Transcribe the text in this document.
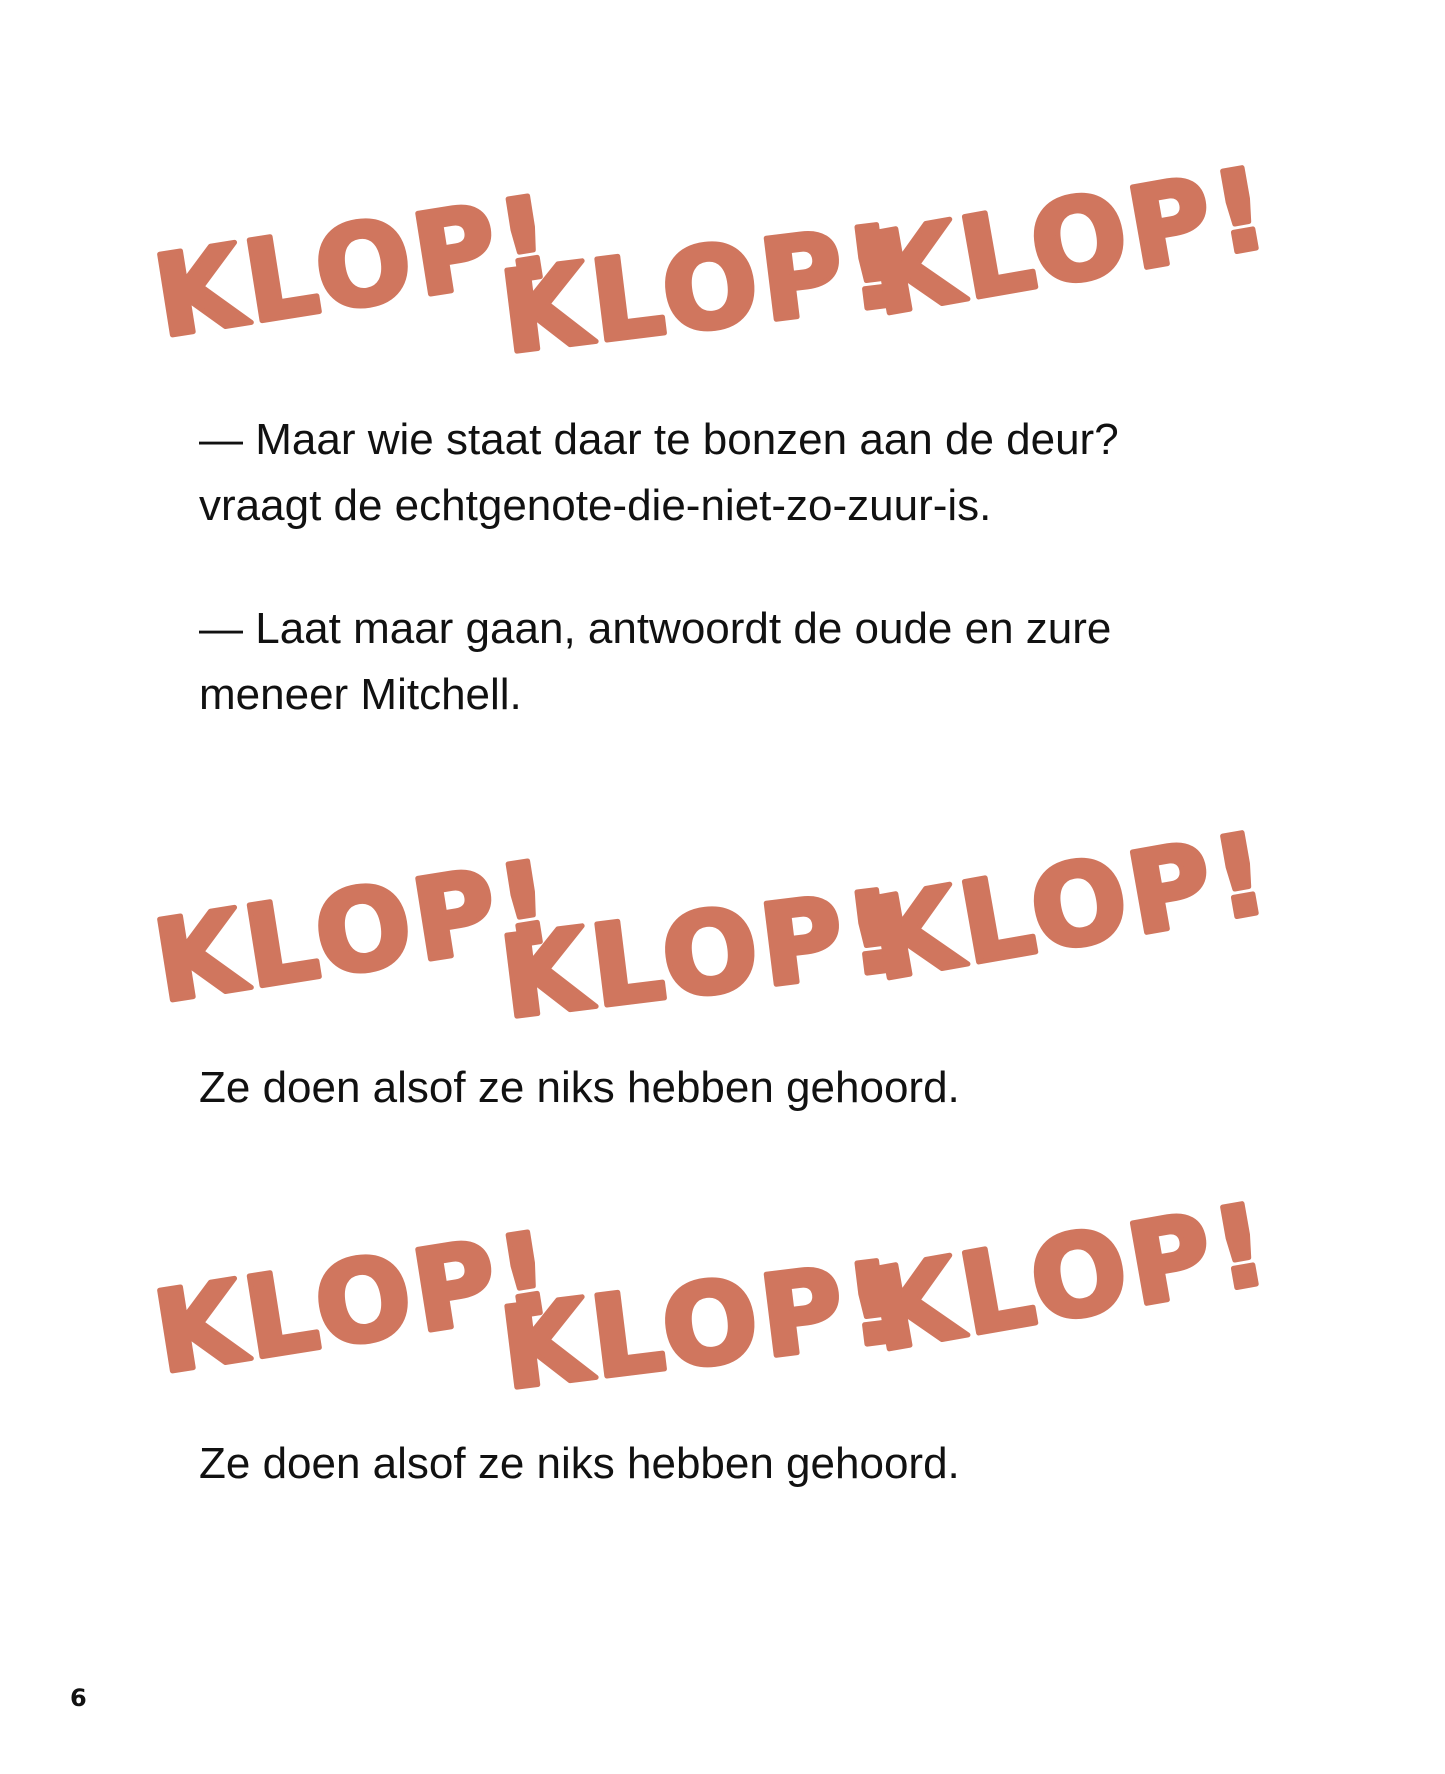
KLOP!
KLOP!
KLOP!

— Maar wie staat daar te bonzen aan de deur?
vraagt de echtgenote-die-niet-zo-zuur-is.

— Laat maar gaan, antwoordt de oude en zure
meneer Mitchell.

KLOP!
KLOP!
KLOP!

Ze doen alsof ze niks hebben gehoord.

KLOP!
KLOP!
KLOP!

Ze doen alsof ze niks hebben gehoord.

6
